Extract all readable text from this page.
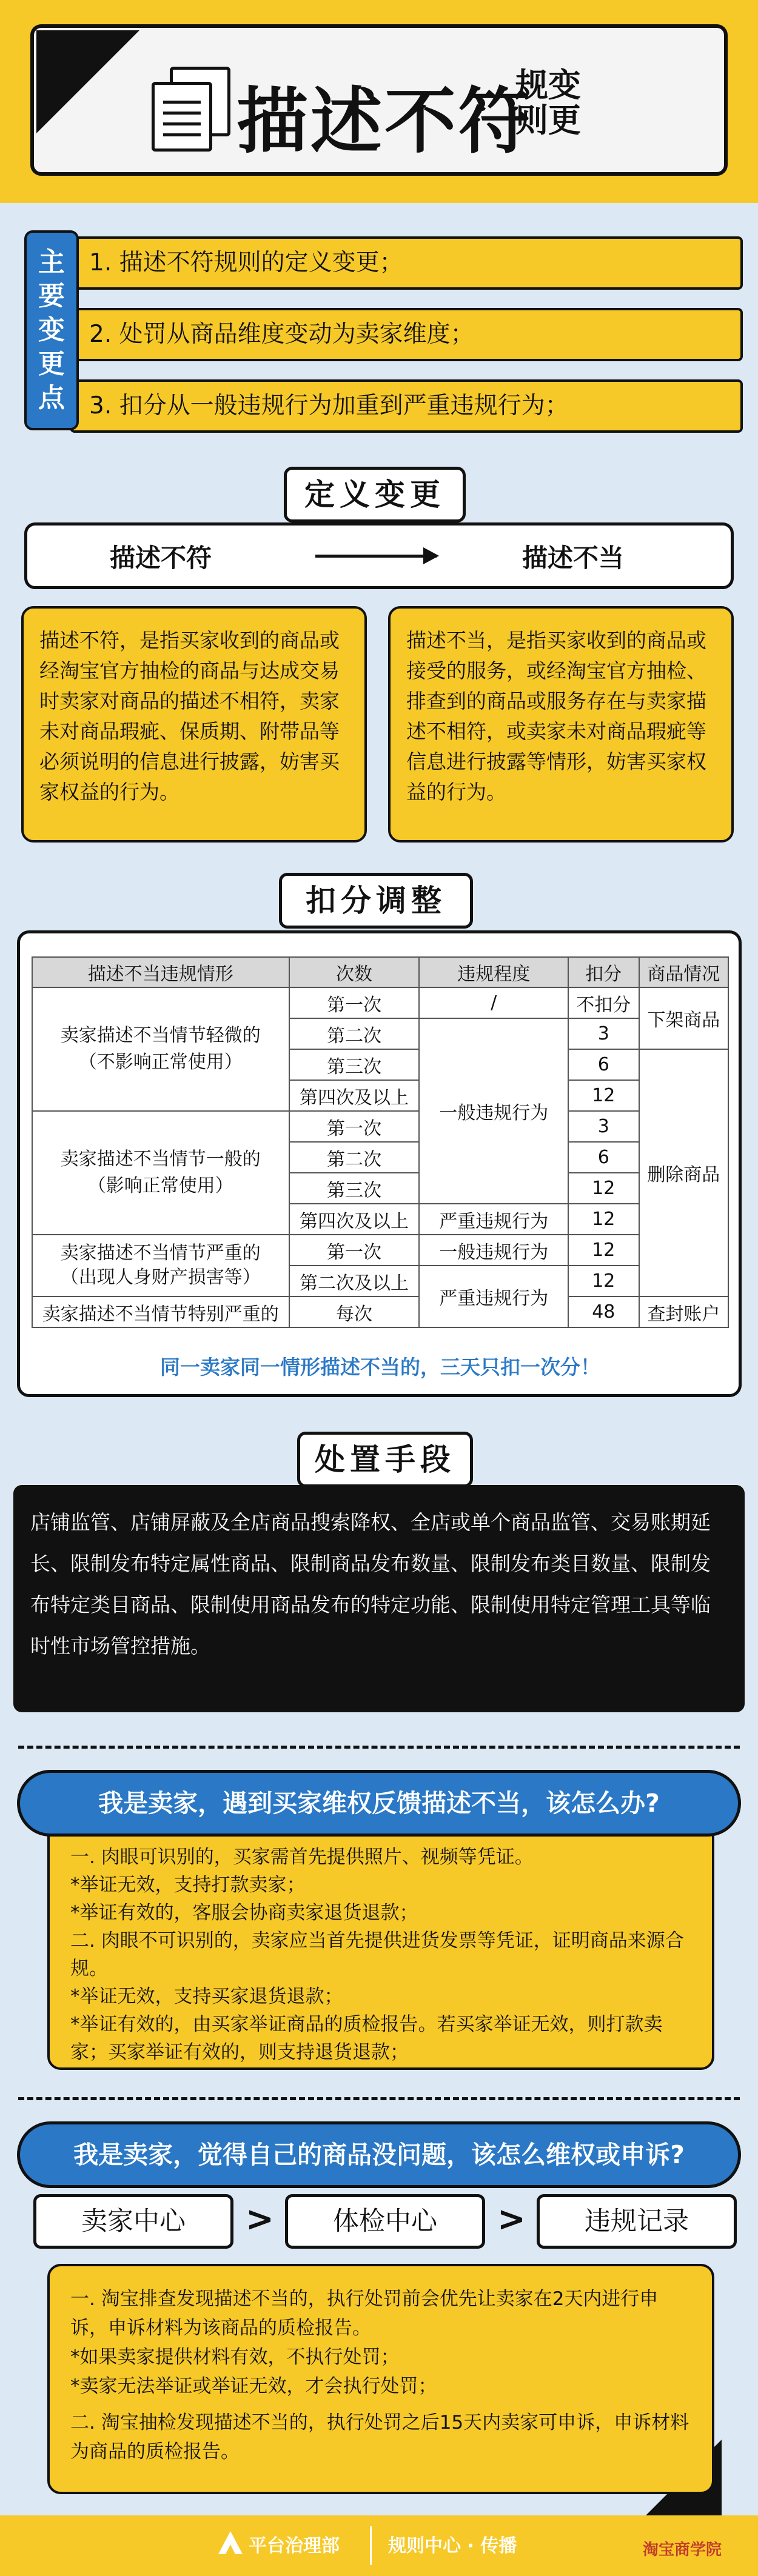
描述不符
规变
则更
1. 描述不符规则的定义变更；
2. 处罚从商品维度变动为卖家维度；
3. 扣分从一般违规行为加重到严重违规行为；
主
要
变
更
点
定义变更
描述不符	描述不当
描述不符，是指买家收到的商品或经淘宝官方抽检的商品与达成交易时卖家对商品的描述不相符，卖家未对商品瑕疵、保质期、附带品等必须说明的信息进行披露，妨害买家权益的行为。
描述不当，是指买家收到的商品或接受的服务，或经淘宝官方抽检、排查到的商品或服务存在与卖家描述不相符，或卖家未对商品瑕疵等信息进行披露等情形，妨害买家权益的行为。
扣分调整
描述不当违规情形	次数	违规程度	扣分	商品情况
卖家描述不当情节轻微的
（不影响正常使用）	第一次	/	不扣分	下架商品
	第二次	一般违规行为	3	
	第三次		6	删除商品
	第四次及以上		12	
卖家描述不当情节一般的
（影响正常使用）	第一次		3	
	第二次		6	
	第三次		12	
	第四次及以上	严重违规行为	12	
卖家描述不当情节严重的
（出现人身财产损害等）	第一次	一般违规行为	12	
	第二次及以上	严重违规行为	12	
卖家描述不当情节特别严重的	每次		48	查封账户
同一卖家同一情形描述不当的，三天只扣一次分！
处置手段
店铺监管、店铺屏蔽及全店商品搜索降权、全店或单个商品监管、交易账期延长、限制发布特定属性商品、限制商品发布数量、限制发布类目数量、限制发布特定类目商品、限制使用商品发布的特定功能、限制使用特定管理工具等临时性市场管控措施。
一. 肉眼可识别的，买家需首先提供照片、视频等凭证。
*举证无效，支持打款卖家；
*举证有效的，客服会协商卖家退货退款；
二. 肉眼不可识别的，卖家应当首先提供进货发票等凭证，证明商品来源合规。
*举证无效，支持买家退货退款；
*举证有效的，由买家举证商品的质检报告。若买家举证无效，则打款卖家；买家举证有效的，则支持退货退款；
我是卖家，遇到买家维权反馈描述不当，该怎么办?
我是卖家，觉得自己的商品没问题，该怎么维权或申诉?
卖家中心	>	体检中心	>	违规记录
一. 淘宝排查发现描述不当的，执行处罚前会优先让卖家在2天内进行申诉，申诉材料为该商品的质检报告。
*如果卖家提供材料有效，不执行处罚；
*卖家无法举证或举证无效，才会执行处罚；
二. 淘宝抽检发现描述不当的，执行处罚之后15天内卖家可申诉，申诉材料为商品的质检报告。
平台治理部	规则中心 · 传播	淘宝商学院
